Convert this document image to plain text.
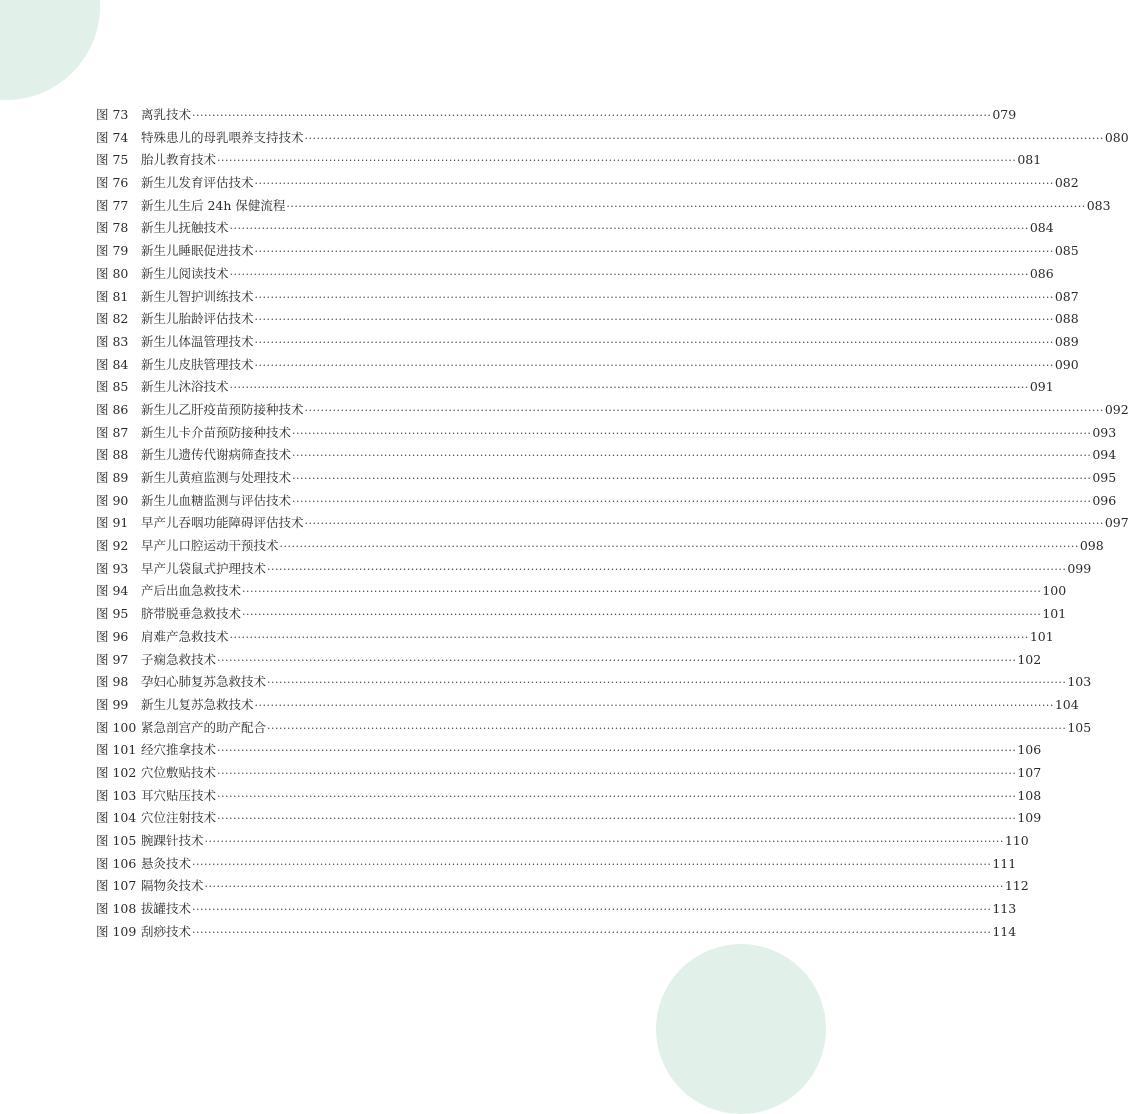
图 73	离乳技术 ········································································································································································································ 079
图 74	特殊患儿的母乳喂养支持技术 ········································································································································································································ 080
图 75	胎儿教育技术 ········································································································································································································ 081
图 76	新生儿发育评估技术 ········································································································································································································ 082
图 77	新生儿生后 24h 保健流程 ········································································································································································································ 083
图 78	新生儿抚触技术 ········································································································································································································ 084
图 79	新生儿睡眠促进技术 ········································································································································································································ 085
图 80	新生儿阅读技术 ········································································································································································································ 086
图 81	新生儿智护训练技术 ········································································································································································································ 087
图 82	新生儿胎龄评估技术 ········································································································································································································ 088
图 83	新生儿体温管理技术 ········································································································································································································ 089
图 84	新生儿皮肤管理技术 ········································································································································································································ 090
图 85	新生儿沐浴技术 ········································································································································································································ 091
图 86	新生儿乙肝疫苗预防接种技术 ········································································································································································································ 092
图 87	新生儿卡介苗预防接种技术 ········································································································································································································ 093
图 88	新生儿遗传代谢病筛查技术 ········································································································································································································ 094
图 89	新生儿黄疸监测与处理技术 ········································································································································································································ 095
图 90	新生儿血糖监测与评估技术 ········································································································································································································ 096
图 91	早产儿吞咽功能障碍评估技术 ········································································································································································································ 097
图 92	早产儿口腔运动干预技术 ········································································································································································································ 098
图 93	早产儿袋鼠式护理技术 ········································································································································································································ 099
图 94	产后出血急救技术 ········································································································································································································ 100
图 95	脐带脱垂急救技术 ········································································································································································································ 101
图 96	肩难产急救技术 ········································································································································································································ 101
图 97	子痫急救技术 ········································································································································································································ 102
图 98	孕妇心肺复苏急救技术 ········································································································································································································ 103
图 99	新生儿复苏急救技术 ········································································································································································································ 104
图 100 紧急剖宫产的助产配合 ········································································································································································································ 105
图 101 经穴推拿技术 ········································································································································································································ 106
图 102 穴位敷贴技术 ········································································································································································································ 107
图 103 耳穴贴压技术 ········································································································································································································ 108
图 104 穴位注射技术 ········································································································································································································ 109
图 105 腕踝针技术 ········································································································································································································ 110
图 106 悬灸技术 ········································································································································································································ 111
图 107 隔物灸技术 ········································································································································································································ 112
图 108 拔罐技术 ········································································································································································································ 113
图 109 刮痧技术 ········································································································································································································ 114
